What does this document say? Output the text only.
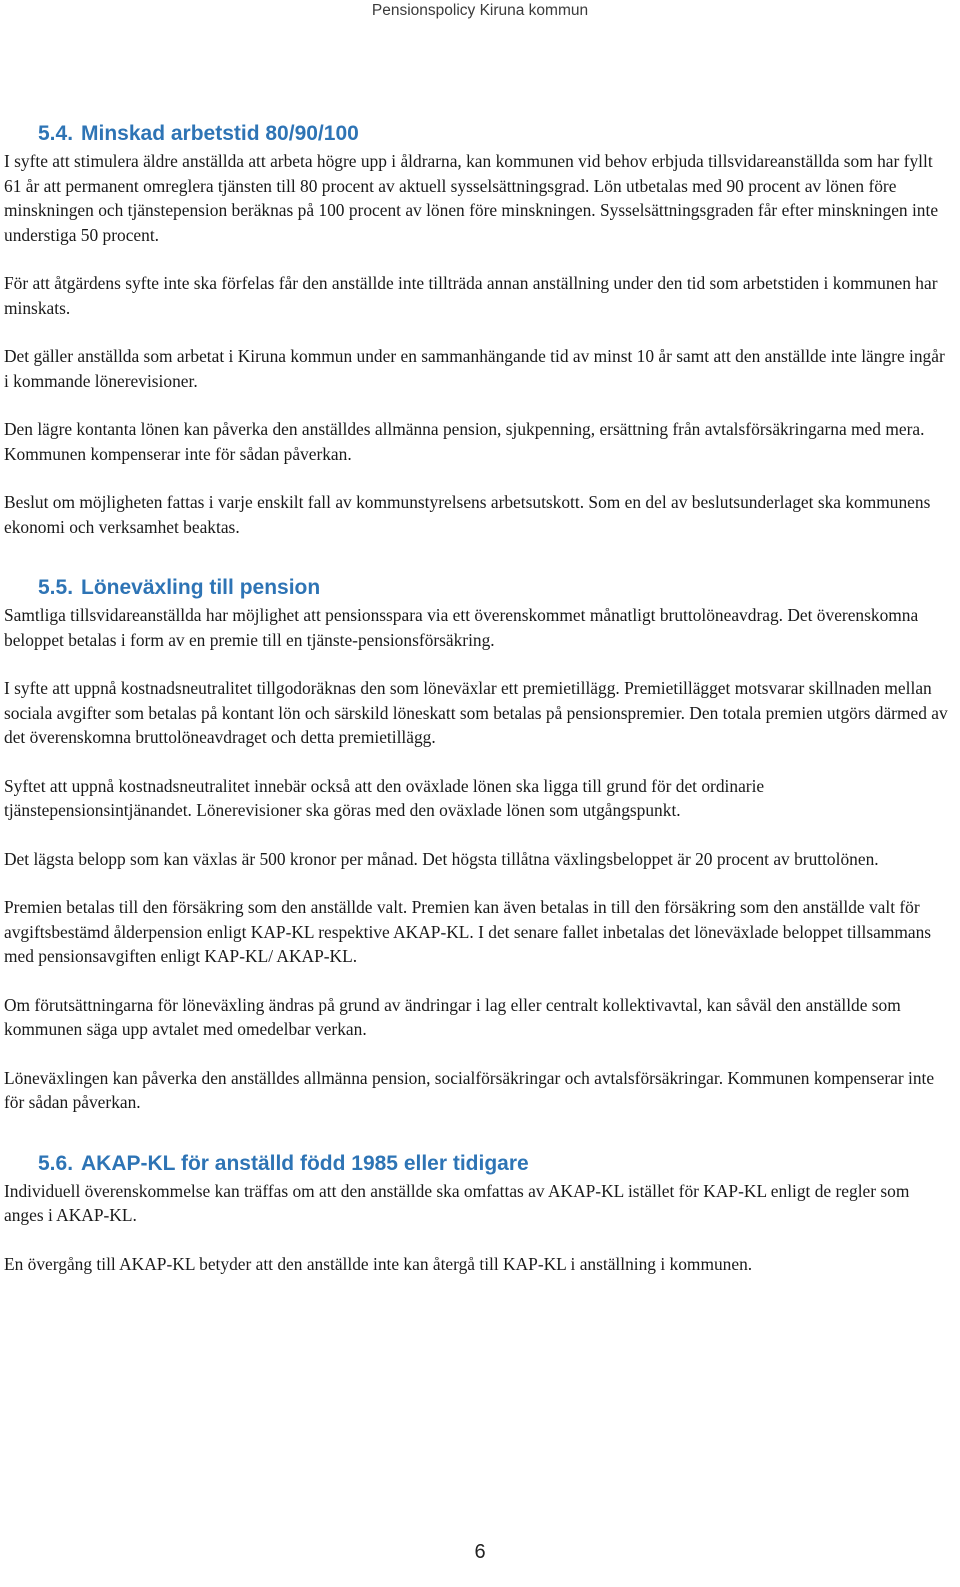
Pensionspolicy Kiruna kommun
5.4. Minskad arbetstid 80/90/100

I syfte att stimulera äldre anställda att arbeta högre upp i åldrarna, kan kommunen vid behov erbjuda tillsvidareanställda som har fyllt 61 år att permanent omreglera tjänsten till 80 procent av aktuell sysselsättningsgrad. Lön utbetalas med 90 procent av lönen före minskningen och tjänstepension beräknas på 100 procent av lönen före minskningen. Sysselsättningsgraden får efter minskningen inte understiga 50 procent.

För att åtgärdens syfte inte ska förfelas får den anställde inte tillträda annan anställning under den tid som arbetstiden i kommunen har minskats.

Det gäller anställda som arbetat i Kiruna kommun under en sammanhängande tid av minst 10 år samt att den anställde inte längre ingår i kommande lönerevisioner.

Den lägre kontanta lönen kan påverka den anställdes allmänna pension, sjukpenning, ersättning från avtalsförsäkringarna med mera. Kommunen kompenserar inte för sådan påverkan.

Beslut om möjligheten fattas i varje enskilt fall av kommunstyrelsens arbetsutskott. Som en del av beslutsunderlaget ska kommunens ekonomi och verksamhet beaktas.

5.5. Löneväxling till pension

Samtliga tillsvidareanställda har möjlighet att pensionsspara via ett överenskommet månatligt bruttolöneavdrag. Det överenskomna beloppet betalas i form av en premie till en tjänste-pensionsförsäkring.

I syfte att uppnå kostnadsneutralitet tillgodoräknas den som löneväxlar ett premietillägg. Premietillägget motsvarar skillnaden mellan sociala avgifter som betalas på kontant lön och särskild löneskatt som betalas på pensionspremier. Den totala premien utgörs därmed av det överenskomna bruttolöneavdraget och detta premietillägg.

Syftet att uppnå kostnadsneutralitet innebär också att den oväxlade lönen ska ligga till grund för det ordinarie tjänstepensionsintjänandet. Lönerevisioner ska göras med den oväxlade lönen som utgångspunkt.

Det lägsta belopp som kan växlas är 500 kronor per månad. Det högsta tillåtna växlingsbeloppet är 20 procent av bruttolönen.

Premien betalas till den försäkring som den anställde valt. Premien kan även betalas in till den försäkring som den anställde valt för avgiftsbestämd ålderpension enligt KAP-KL respektive AKAP-KL. I det senare fallet inbetalas det löneväxlade beloppet tillsammans med pensionsavgiften enligt KAP-KL/ AKAP-KL.

Om förutsättningarna för löneväxling ändras på grund av ändringar i lag eller centralt kollektivavtal, kan såväl den anställde som kommunen säga upp avtalet med omedelbar verkan.

Löneväxlingen kan påverka den anställdes allmänna pension, socialförsäkringar och avtalsförsäkringar. Kommunen kompenserar inte för sådan påverkan.

5.6. AKAP-KL för anställd född 1985 eller tidigare

Individuell överenskommelse kan träffas om att den anställde ska omfattas av AKAP-KL istället för KAP-KL enligt de regler som anges i AKAP-KL.

En övergång till AKAP-KL betyder att den anställde inte kan återgå till KAP-KL i anställning i kommunen.

6
